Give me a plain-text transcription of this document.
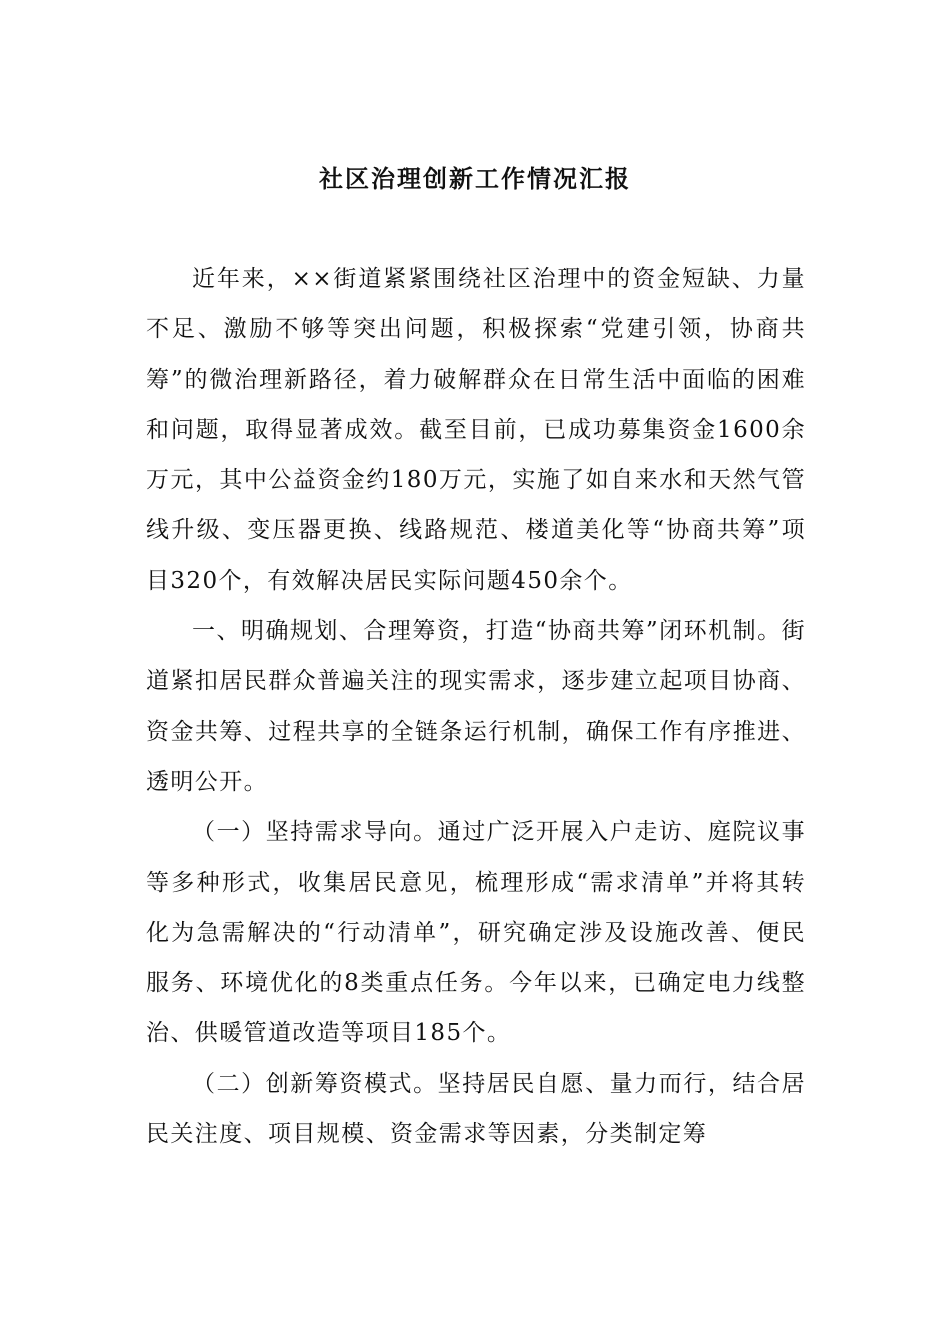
社区治理创新工作情况汇报

近年来，××街道紧紧围绕社区治理中的资金短缺、力量不足、激励不够等突出问题，积极探索“党建引领，协商共筹”的微治理新路径，着力破解群众在日常生活中面临的困难和问题，取得显著成效。截至目前，已成功募集资金1600余万元，其中公益资金约180万元，实施了如自来水和天然气管线升级、变压器更换、线路规范、楼道美化等“协商共筹”项目320个，有效解决居民实际问题450余个。

一、明确规划、合理筹资，打造“协商共筹”闭环机制。街道紧扣居民群众普遍关注的现实需求，逐步建立起项目协商、资金共筹、过程共享的全链条运行机制，确保工作有序推进、透明公开。

（一）坚持需求导向。通过广泛开展入户走访、庭院议事等多种形式，收集居民意见，梳理形成“需求清单”并将其转化为急需解决的“行动清单”，研究确定涉及设施改善、便民服务、环境优化的8类重点任务。今年以来，已确定电力线整治、供暖管道改造等项目185个。

（二）创新筹资模式。坚持居民自愿、量力而行，结合居民关注度、项目规模、资金需求等因素，分类制定筹
